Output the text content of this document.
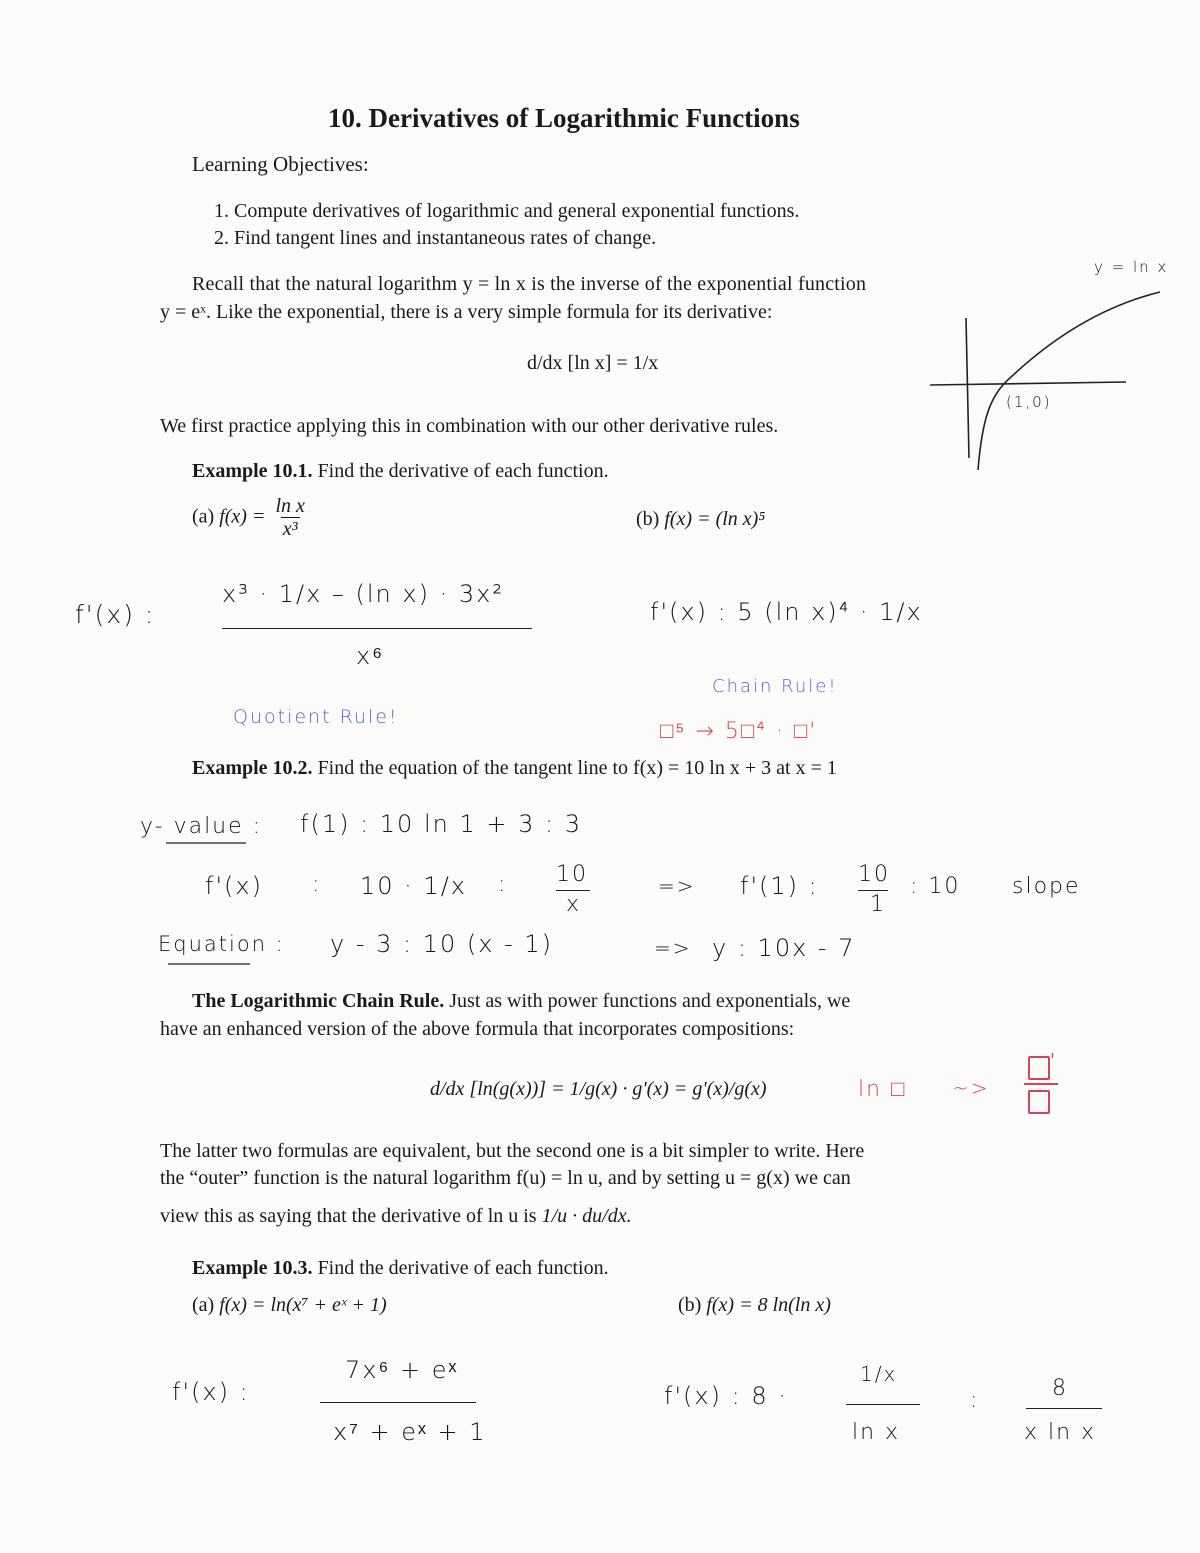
10. Derivatives of Logarithmic Functions
Learning Objectives:
1. Compute derivatives of logarithmic and general exponential functions.
2. Find tangent lines and instantaneous rates of change.
Recall that the natural logarithm y = ln x is the inverse of the exponential function
y = eˣ. Like the exponential, there is a very simple formula for its derivative:
d/dx [ln x] = 1/x
We first practice applying this in combination with our other derivative rules.
y = ln x
(1,0)
Example 10.1. Find the derivative of each function.
(a) $f(x) = \frac{\text{ln x}}{\text{x³}}$	(b) f(x) = (ln x)⁵
f'(x) :
x³ · 1/x – (ln x) · 3x²
x⁶
Quotient Rule!
f'(x) : 5 (ln x)⁴ · 1/x
Chain Rule!
□⁵ → 5□⁴ · □'
Example 10.2. Find the equation of the tangent line to f(x) = 10 ln x + 3 at x = 1
y- value : f(1) : 10 ln 1 + 3 : 3
f'(x) : 10 · 1/x : 10
x
=> f'(1) : 10
1
: 10 slope
Equation : y - 3 : 10 (x - 1)	=> y : 10x - 7
The Logarithmic Chain Rule. Just as with power functions and exponentials, we
have an enhanced version of the above formula that incorporates compositions:
d/dx [ln(g(x))] = 1/g(x) · g'(x) = g'(x)/g(x)	ln □ ~>
'
The latter two formulas are equivalent, but the second one is a bit simpler to write. Here
the “outer” function is the natural logarithm f(u) = ln u, and by setting u = g(x) we can
view this as saying that the derivative of ln u is 1/u · du/dx.
Example 10.3. Find the derivative of each function.
(a) f(x) = ln(x⁷ + eˣ + 1)	(b) f(x) = 8 ln(ln x)
f'(x) :
7x⁶ + eˣ
x⁷ + eˣ + 1
f'(x) : 8 ·
1/x
ln x
:	8
x ln x
